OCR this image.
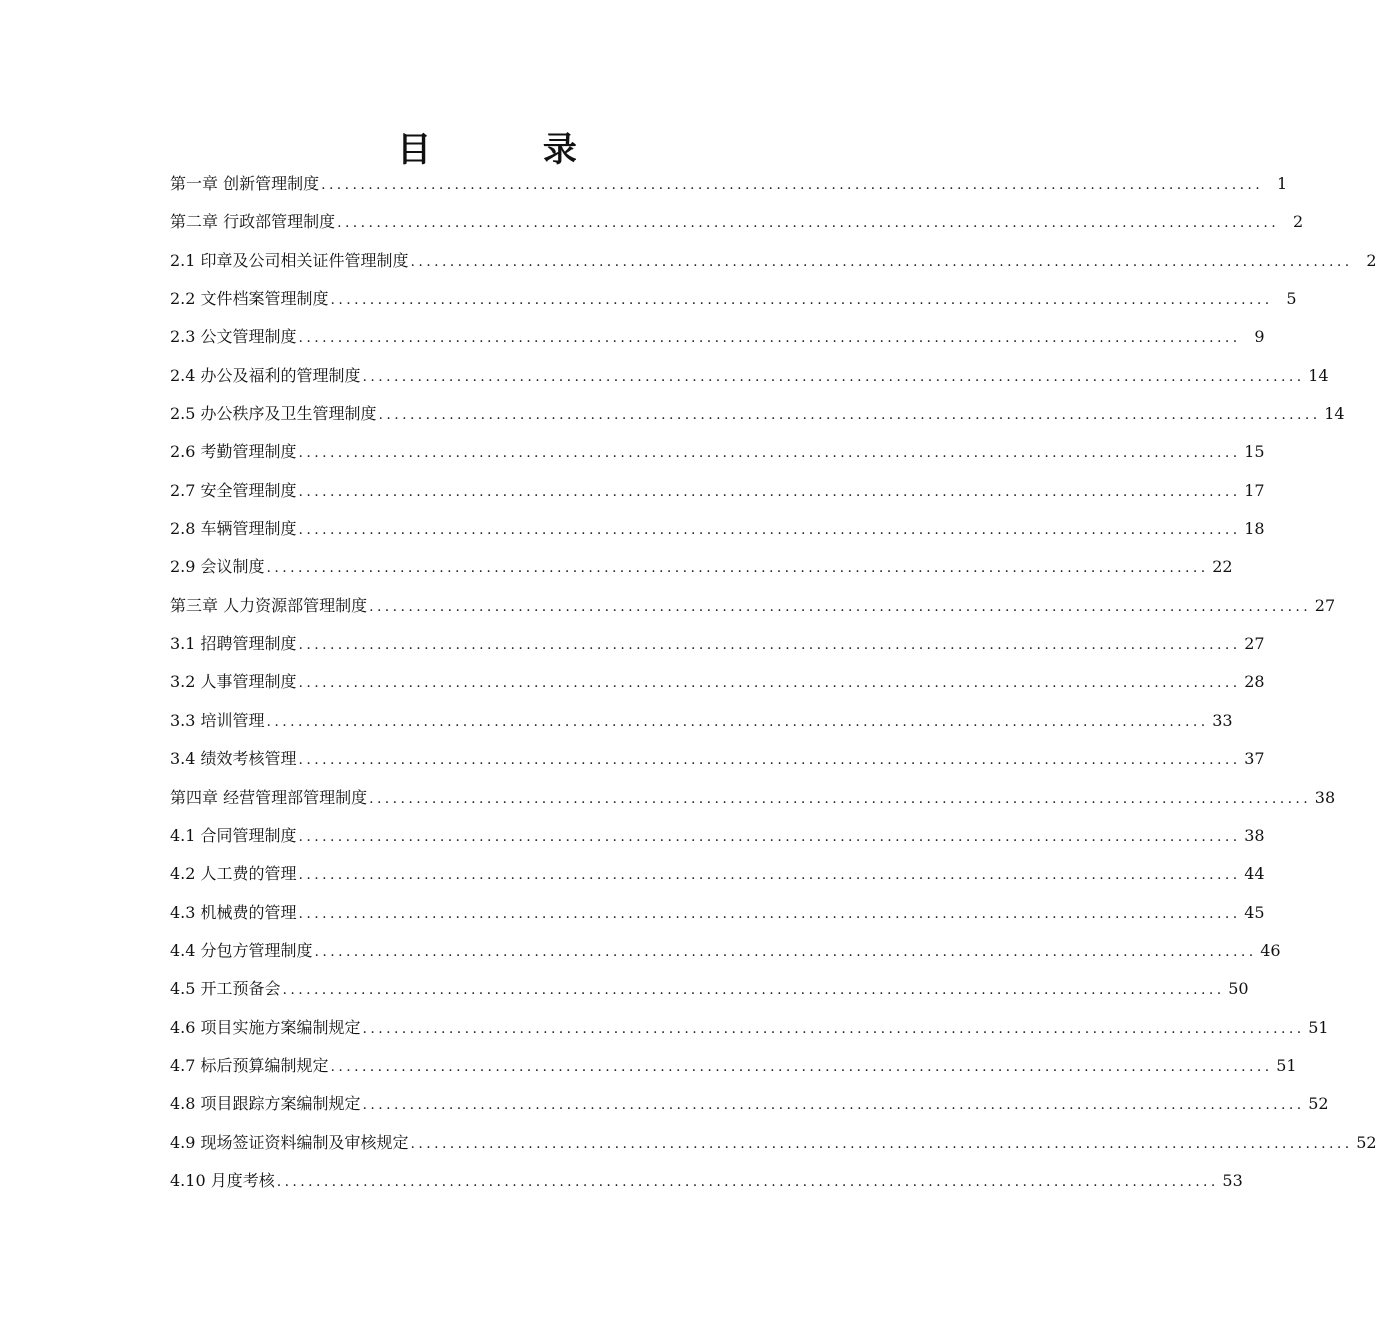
目 录
第一章 创新管理制度 ........................................................................................................................ 1
第二章 行政部管理制度 ........................................................................................................................ 2
2.1 印章及公司相关证件管理制度 ........................................................................................................................ 2
2.2 文件档案管理制度 ........................................................................................................................ 5
2.3 公文管理制度 ........................................................................................................................ 9
2.4 办公及福利的管理制度 ........................................................................................................................ 14
2.5 办公秩序及卫生管理制度 ........................................................................................................................ 14
2.6 考勤管理制度 ........................................................................................................................ 15
2.7 安全管理制度 ........................................................................................................................ 17
2.8 车辆管理制度 ........................................................................................................................ 18
2.9 会议制度 ........................................................................................................................ 22
第三章 人力资源部管理制度 ........................................................................................................................ 27
3.1 招聘管理制度 ........................................................................................................................ 27
3.2 人事管理制度 ........................................................................................................................ 28
3.3 培训管理 ........................................................................................................................ 33
3.4 绩效考核管理 ........................................................................................................................ 37
第四章 经营管理部管理制度 ........................................................................................................................ 38
4.1 合同管理制度 ........................................................................................................................ 38
4.2 人工费的管理 ........................................................................................................................ 44
4.3 机械费的管理 ........................................................................................................................ 45
4.4 分包方管理制度 ........................................................................................................................ 46
4.5 开工预备会 ........................................................................................................................ 50
4.6 项目实施方案编制规定 ........................................................................................................................ 51
4.7 标后预算编制规定 ........................................................................................................................ 51
4.8 项目跟踪方案编制规定 ........................................................................................................................ 52
4.9 现场签证资料编制及审核规定 ........................................................................................................................ 52
4.10 月度考核 ........................................................................................................................ 53
